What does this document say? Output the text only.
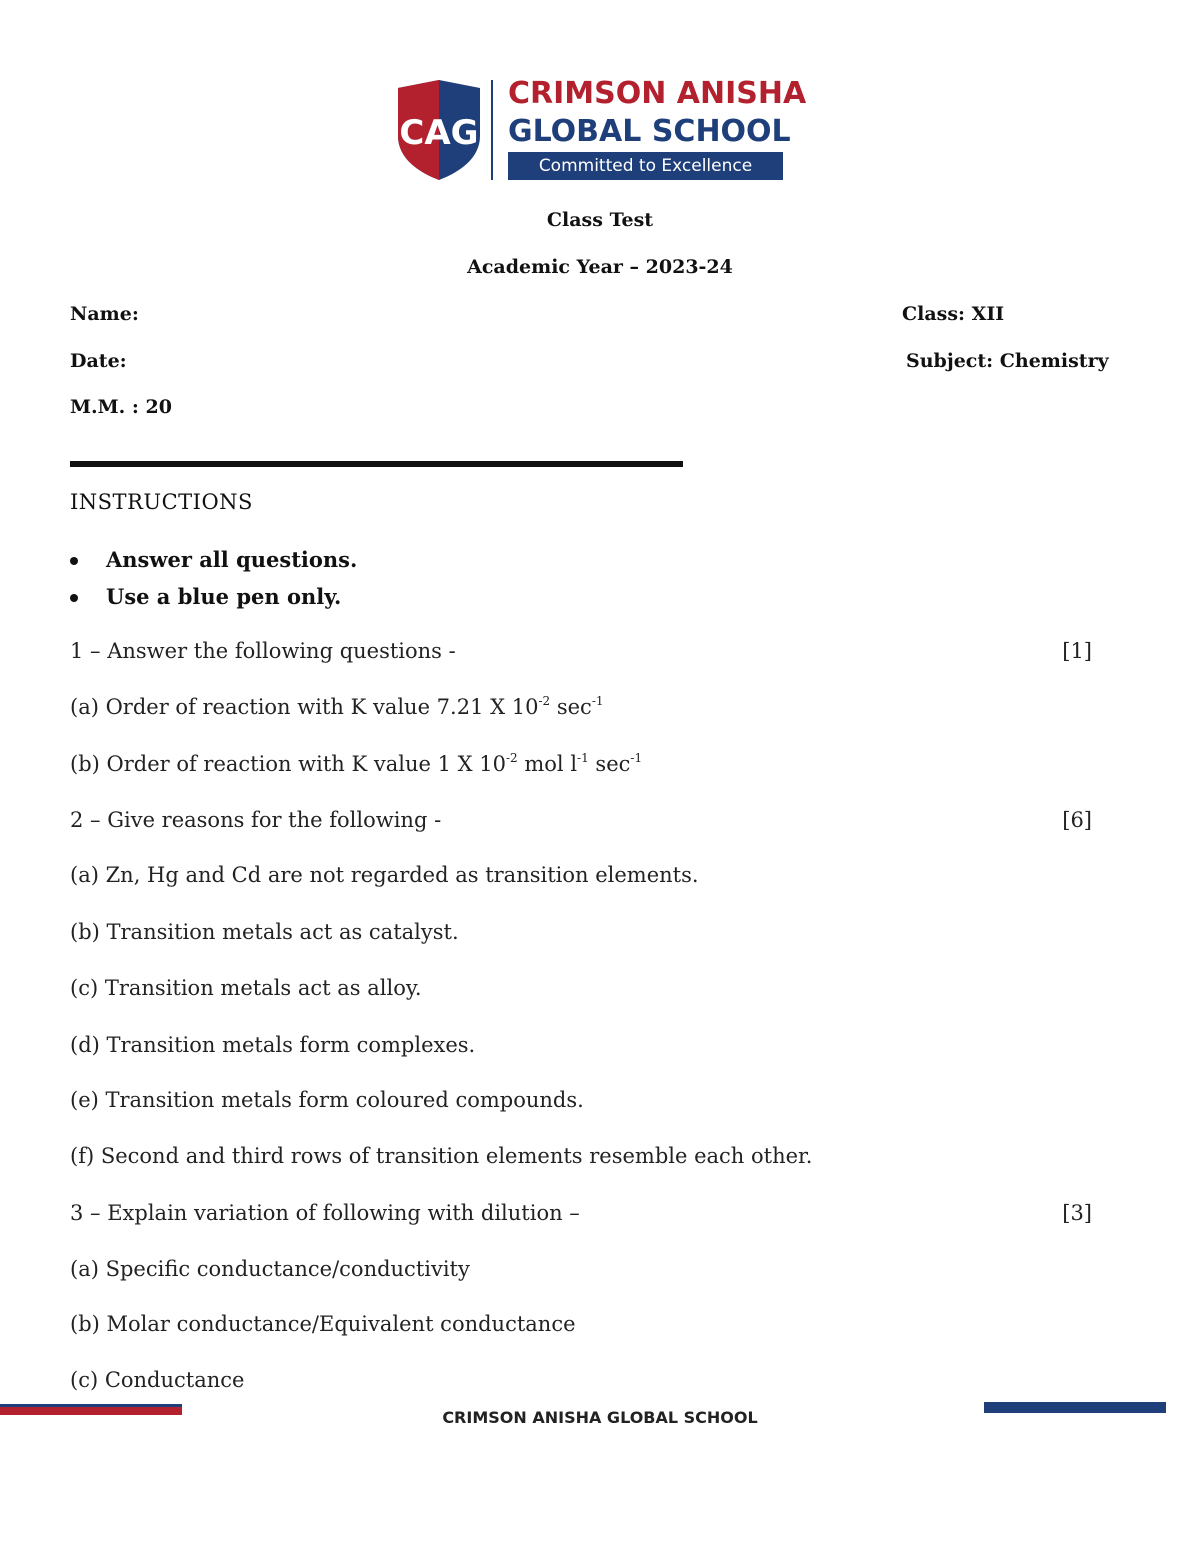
CAG
CRIMSON ANISHA
GLOBAL SCHOOL
Committed to Excellence
Class Test
Academic Year – 2023-24
Name:
Date:
M.M. : 20
Class: XII
Subject: Chemistry
INSTRUCTIONS
Answer all questions.
Use a blue pen only.
1 – Answer the following questions -	[1]
(a) Order of reaction with K value 7.21 X $10^{-2}$ $\sec^{-1}$
(b) Order of reaction with K value 1 X $10^{-2}$ mol $l^{-1}$ $\sec^{-1}$
2 – Give reasons for the following -	[6]
(a) Zn, Hg and Cd are not regarded as transition elements.
(b) Transition metals act as catalyst.
(c) Transition metals act as alloy.
(d) Transition metals form complexes.
(e) Transition metals form coloured compounds.
(f) Second and third rows of transition elements resemble each other.
3 – Explain variation of following with dilution –	[3]
(a) Specific conductance/conductivity
(b) Molar conductance/Equivalent conductance
(c) Conductance
CRIMSON ANISHA GLOBAL SCHOOL
